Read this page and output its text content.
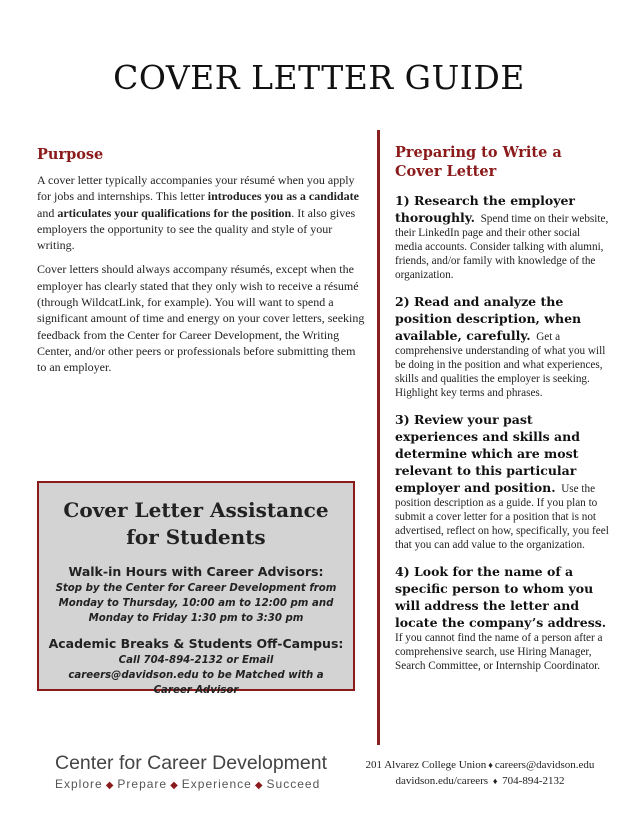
COVER LETTER GUIDE
Purpose
A cover letter typically accompanies your résumé when you apply for jobs and internships. This letter introduces you as a candidate and articulates your qualifications for the position. It also gives employers the opportunity to see the quality and style of your writing.
Cover letters should always accompany résumés, except when the employer has clearly stated that they only wish to receive a résumé (through WildcatLink, for example). You will want to spend a significant amount of time and energy on your cover letters, seeking feedback from the Center for Career Development, the Writing Center, and/or other peers or professionals before submitting them to an employer.
Cover Letter Assistance for Students
Walk-in Hours with Career Advisors:
Stop by the Center for Career Development from Monday to Thursday, 10:00 am to 12:00 pm and Monday to Friday 1:30 pm to 3:30 pm
Academic Breaks & Students Off-Campus:
Call 704-894-2132 or Email careers@davidson.edu to be Matched with a Career Advisor
Preparing to Write a Cover Letter
1) Research the employer thoroughly. Spend time on their website, their LinkedIn page and their other social media accounts. Consider talking with alumni, friends, and/or family with knowledge of the organization.
2) Read and analyze the position description, when available, carefully. Get a comprehensive understanding of what you will be doing in the position and what experiences, skills and qualities the employer is seeking. Highlight key terms and phrases.
3) Review your past experiences and skills and determine which are most relevant to this particular employer and position. Use the position description as a guide. If you plan to submit a cover letter for a position that is not advertised, reflect on how, specifically, you feel that you can add value to the organization.
4) Look for the name of a specific person to whom you will address the letter and locate the company’s address.  If you cannot find the name of a person after a comprehensive search, use Hiring Manager, Search Committee, or Internship Coordinator.
Center for Career Development
Explore ◆ Prepare ◆ Experience ◆ Succeed
201 Alvarez College Union ♦ careers@davidson.edu
davidson.edu/careers ♦ 704-894-2132
